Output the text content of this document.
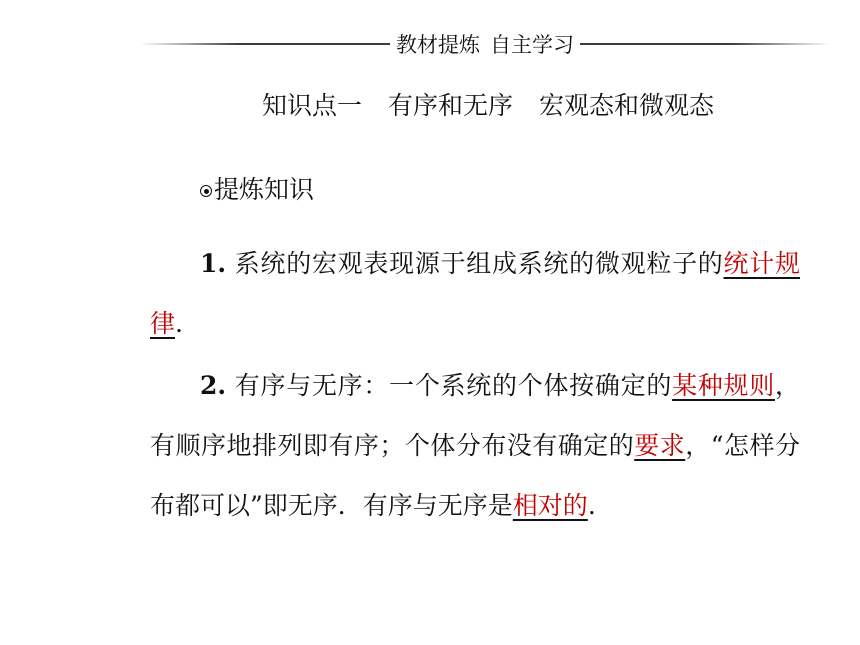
教材提炼 自主学习
知识点一 有序和无序 宏观态和微观态
提炼知识
1. 系统的宏观表现源于组成系统的微观粒子的统计规律.
2. 有序与无序：一个系统的个体按确定的某种规则，有顺序地排列即有序；个体分布没有确定的要求，“怎样分布都可以”即无序．有序与无序是相对的.
